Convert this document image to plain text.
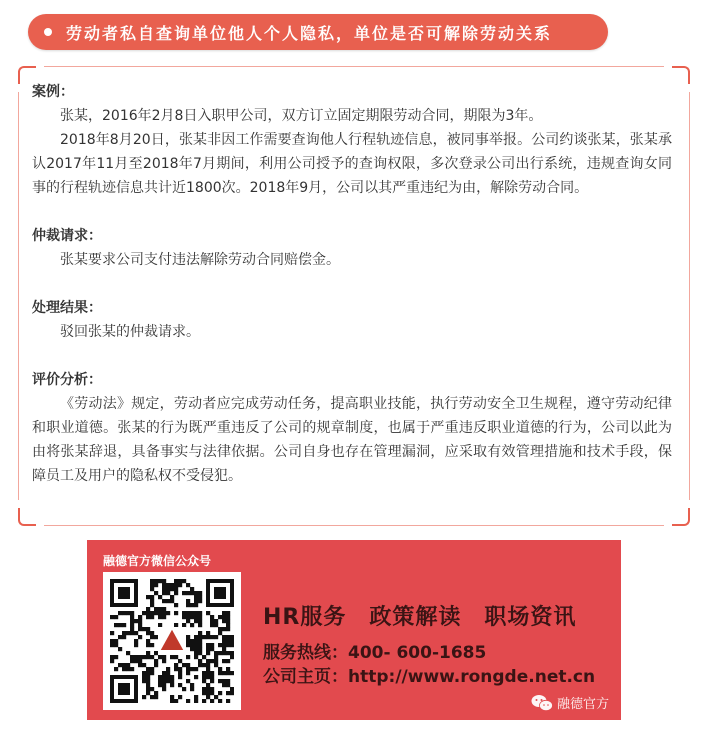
劳动者私自查询单位他人个人隐私，单位是否可解除劳动关系
案例：

张某，2016年2月8日入职甲公司，双方订立固定期限劳动合同，期限为3年。

2018年8月20日，张某非因工作需要查询他人行程轨迹信息，被同事举报。公司约谈张某，张某承认2017年11月至2018年7月期间，利用公司授予的查询权限，多次登录公司出行系统，违规查询女同事的行程轨迹信息共计近1800次。2018年9月，公司以其严重违纪为由，解除劳动合同。

仲裁请求：

张某要求公司支付违法解除劳动合同赔偿金。

处理结果：

驳回张某的仲裁请求。

评价分析：

《劳动法》规定，劳动者应完成劳动任务，提高职业技能，执行劳动安全卫生规程，遵守劳动纪律和职业道德。张某的行为既严重违反了公司的规章制度，也属于严重违反职业道德的行为，公司以此为由将张某辞退，具备事实与法律依据。公司自身也存在管理漏洞，应采取有效管理措施和技术手段，保障员工及用户的隐私权不受侵犯。

融德官方微信公众号
HR服务　政策解读　职场资讯
服务热线：400- 600-1685
公司主页：http://www.rongde.net.cn
融德官方
